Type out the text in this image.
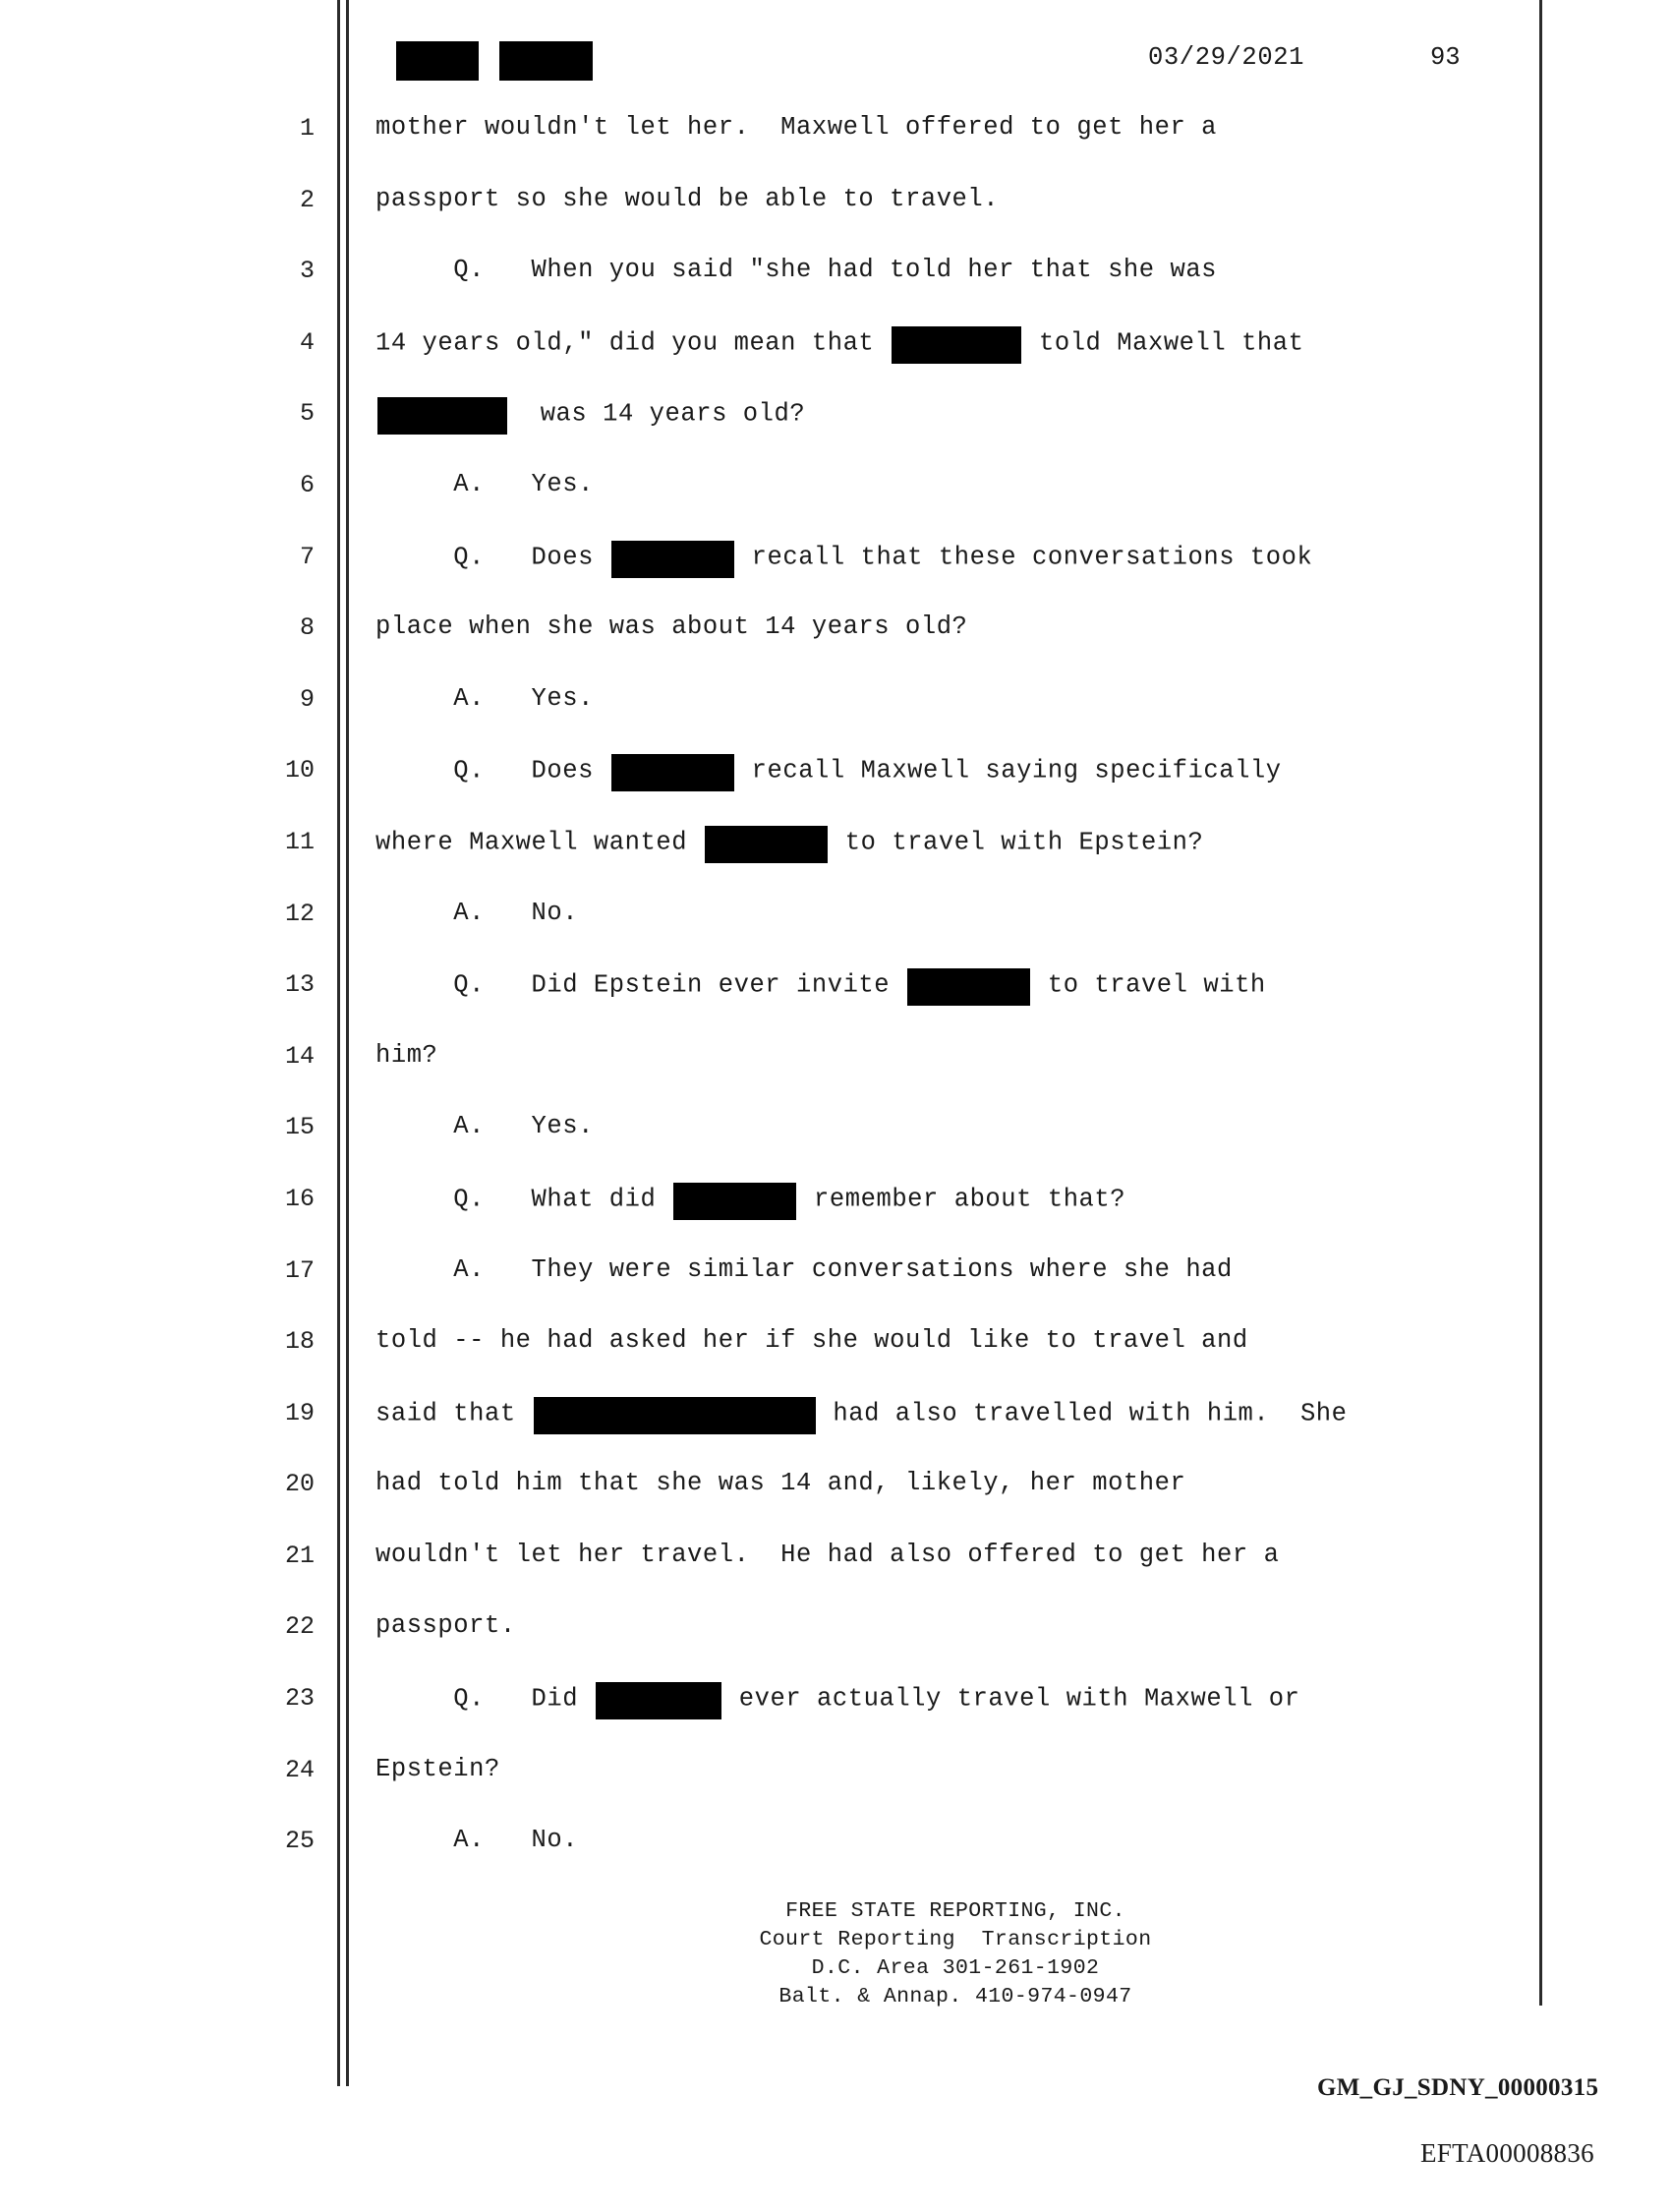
03/29/2021	93
1 mother wouldn't let her.  Maxwell offered to get her a
2 passport so she would be able to travel.
3 Q.   When you said "she had told her that she was
4 14 years old," did you mean that	told Maxwell that
5	was 14 years old?
6 A.   Yes.
7 Q.   Does	recall that these conversations took
8 place when she was about 14 years old?
9 A.   Yes.
10 Q.   Does	recall Maxwell saying specifically
11 where Maxwell wanted	to travel with Epstein?
12 A.   No.
13 Q.   Did Epstein ever invite	to travel with
14 him?
15 A.   Yes.
16 Q.   What did	remember about that?
17 A.   They were similar conversations where she had
18 told -- he had asked her if she would like to travel and
19 said that	had also travelled with him.  She
20 had told him that she was 14 and, likely, her mother
21 wouldn't let her travel.  He had also offered to get her a
22 passport.
23 Q.   Did	ever actually travel with Maxwell or
24 Epstein?
25 A.   No.
FREE STATE REPORTING, INC.
Court Reporting  Transcription
D.C. Area 301-261-1902
Balt. & Annap. 410-974-0947
GM_GJ_SDNY_00000315
EFTA00008836
